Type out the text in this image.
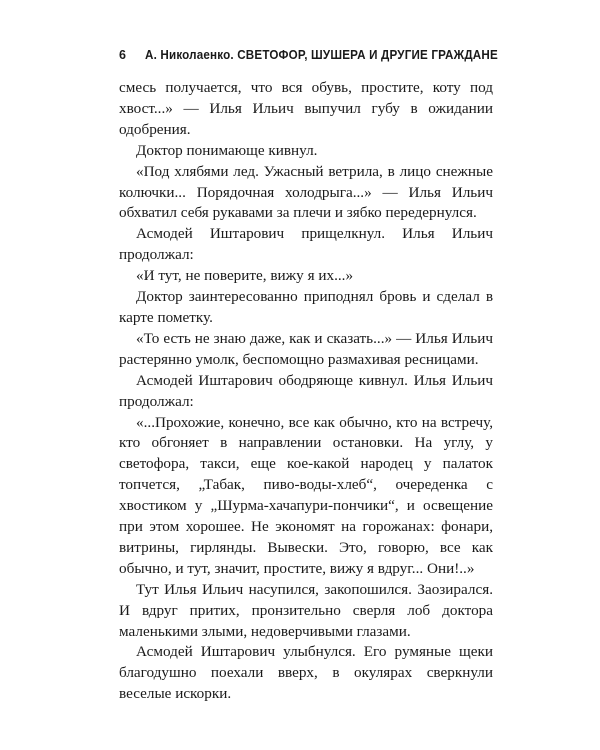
6 А. Николаенко. СВЕТОФОР, ШУШЕРА И ДРУГИЕ ГРАЖДАНЕ

смесь получается, что вся обувь, простите, коту под хвост...» — Илья Ильич выпучил губу в ожидании одобрения.

Доктор понимающе кивнул.

«Под хлябями лед. Ужасный ветрила, в лицо снежные колючки... Порядочная холодрыга...» — Илья Ильич обхватил себя рукавами за плечи и зябко передернулся.

Асмодей Иштарович прищелкнул. Илья Ильич продолжал:

«И тут, не поверите, вижу я их...»

Доктор заинтересованно приподнял бровь и сделал в карте пометку.

«То есть не знаю даже, как и сказать...» — Илья Ильич растерянно умолк, беспомощно размахивая ресницами.

Асмодей Иштарович ободряюще кивнул. Илья Ильич продолжал:

«...Прохожие, конечно, все как обычно, кто на встречу, кто обгоняет в направлении остановки. На углу, у светофора, такси, еще кое-какой народец у палаток топчется, „Табак, пиво-воды-хлеб“, очереденка с хвостиком у „Шурма-хачапури-пончики“, и освещение при этом хорошее. Не экономят на горожанах: фонари, витрины, гирлянды. Вывески. Это, говорю, все как обычно, и тут, значит, простите, вижу я вдруг... Они!..»

Тут Илья Ильич насупился, закопошился. Заозирался. И вдруг притих, пронзительно сверля лоб доктора маленькими злыми, недоверчивыми глазами.

Асмодей Иштарович улыбнулся. Его румяные щеки благодушно поехали вверх, в окулярах сверкнули веселые искорки.
